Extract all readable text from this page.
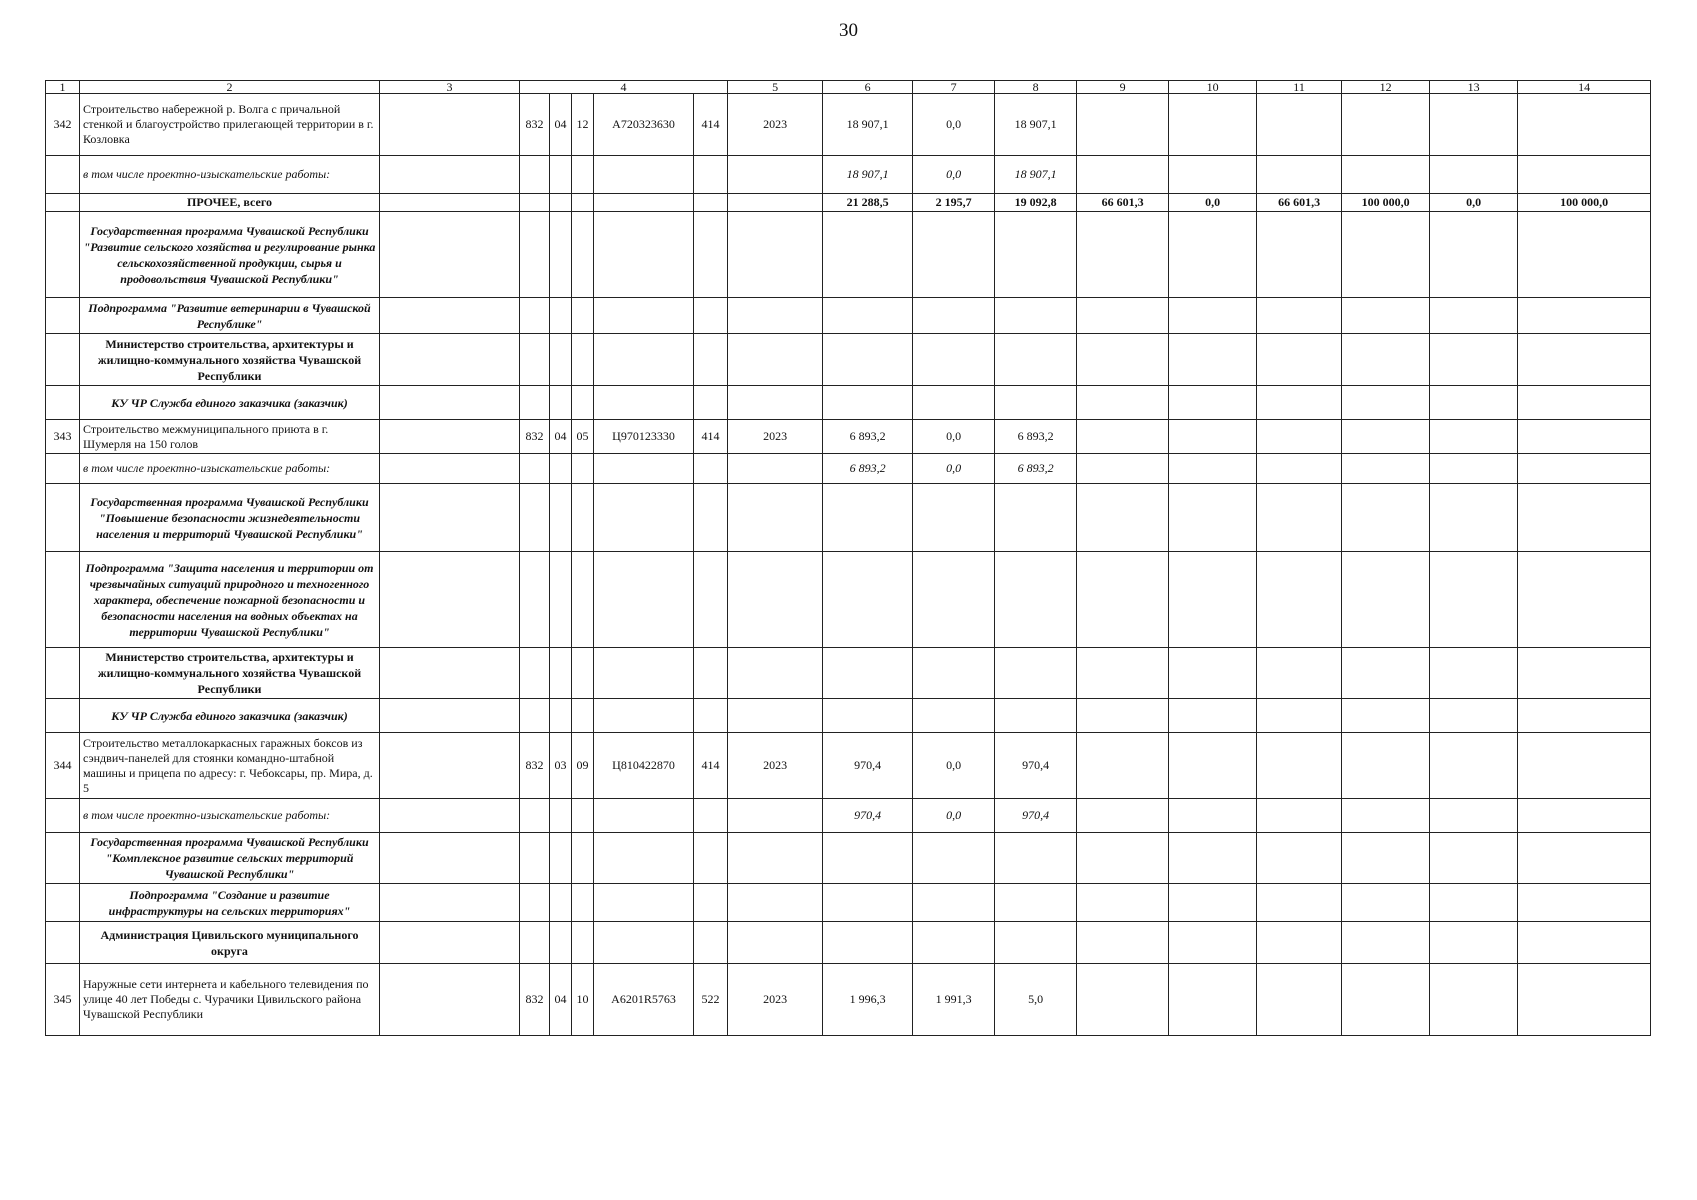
30
1	2	3	4					5	6	7	8	9	10	11	12	13	14
342	Строительство набережной р. Волга с причальной стенкой и благоустройство прилегающей территории в г. Козловка		832	04	12	A720323630	414	2023	18 907,1	0,0	18 907,1						
	в том числе проектно-изыскательские работы:								18 907,1	0,0	18 907,1						
	ПРОЧЕЕ, всего								21 288,5	2 195,7	19 092,8	66 601,3	0,0	66 601,3	100 000,0	0,0	100 000,0
	Государственная программа Чувашской Республики "Развитие сельского хозяйства и регулирование рынка сельскохозяйственной продукции, сырья и продовольствия Чувашской Республики"																
	Подпрограмма "Развитие ветеринарии в Чувашской Республике"																
	Министерство строительства, архитектуры и жилищно-коммунального хозяйства Чувашской Республики																
	КУ ЧР Служба единого заказчика (заказчик)																
343	Строительство межмуниципального приюта в г. Шумерля на 150 голов		832	04	05	Ц970123330	414	2023	6 893,2	0,0	6 893,2						
	в том числе проектно-изыскательские работы:								6 893,2	0,0	6 893,2						
	Государственная программа Чувашской Республики "Повышение безопасности жизнедеятельности населения и территорий Чувашской Республики"																
	Подпрограмма "Защита населения и территории от чрезвычайных ситуаций природного и техногенного характера, обеспечение пожарной безопасности и безопасности населения на водных объектах на территории Чувашской Республики"																
	Министерство строительства, архитектуры и жилищно-коммунального хозяйства Чувашской Республики																
	КУ ЧР Служба единого заказчика (заказчик)																
344	Строительство металлокаркасных гаражных боксов из сэндвич-панелей для стоянки командно-штабной машины и прицепа по адресу: г. Чебоксары, пр. Мира, д. 5		832	03	09	Ц810422870	414	2023	970,4	0,0	970,4						
	в том числе проектно-изыскательские работы:								970,4	0,0	970,4						
	Государственная программа Чувашской Республики "Комплексное развитие сельских территорий Чувашской Республики"																
	Подпрограмма "Создание и развитие инфраструктуры на сельских территориях"																
	Администрация Цивильского муниципального округа																
345	Наружные сети интернета и кабельного телевидения по улице 40 лет Победы с. Чурачики Цивильского района Чувашской Республики		832	04	10	A6201R5763	522	2023	1 996,3	1 991,3	5,0						
